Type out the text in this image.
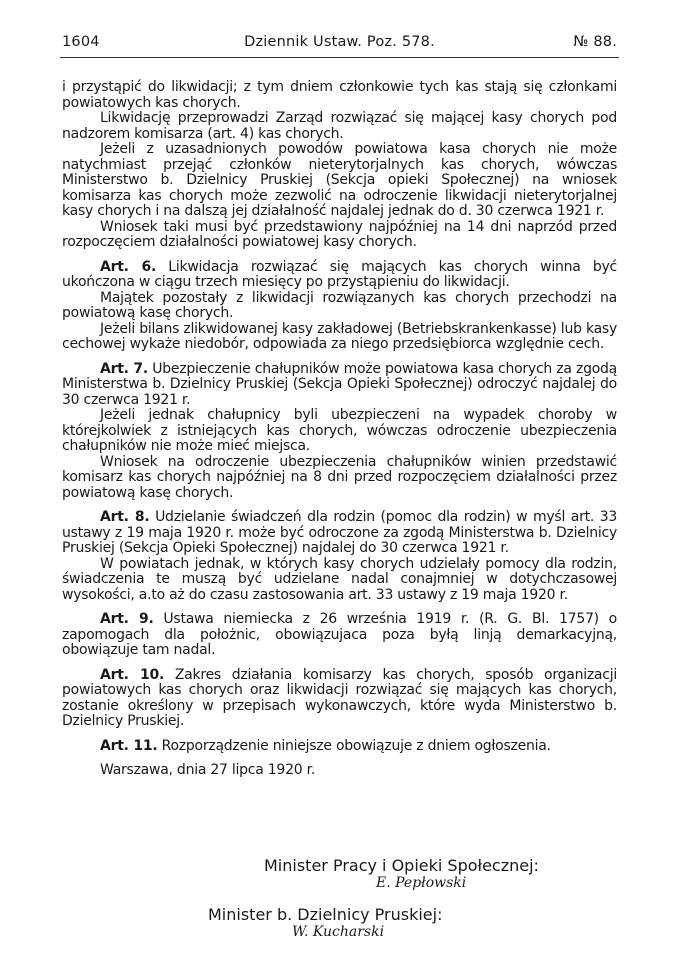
1604	Dziennik Ustaw. Poz. 578.	№ 88.

i przystąpić do likwidacji; z tym dniem członkowie tych kas stają się członkami powiatowych kas chorych.

Likwidację przeprowadzi Zarząd rozwiązać się mającej kasy chorych pod nadzorem komisarza (art. 4) kas chorych.

Jeżeli z uzasadnionych powodów powiatowa kasa chorych nie może natychmiast przejąć członków nieterytorjalnych kas chorych, wówczas Ministerstwo b. Dzielnicy Pruskiej (Sekcja opieki Społecznej) na wniosek komisarza kas chorych może zezwolić na odroczenie likwidacji nieterytorjalnej kasy chorych i na dalszą jej działalność najdalej jednak do d. 30 czerwca 1921 r.

Wniosek taki musi być przedstawiony najpóźniej na 14 dni naprzód przed rozpoczęciem działalności powiatowej kasy chorych.

Art. 6. Likwidacja rozwiązać się mających kas chorych winna być ukończona w ciągu trzech miesięcy po przystąpieniu do likwidacji.

Majątek pozostały z likwidacji rozwiązanych kas chorych przechodzi na powiatową kasę chorych.

Jeżeli bilans zlikwidowanej kasy zakładowej (Betriebskrankenkasse) lub kasy cechowej wykaże niedobór, odpowiada za niego przedsiębiorca względnie cech.

Art. 7. Ubezpieczenie chałupników może powiatowa kasa chorych za zgodą Ministerstwa b. Dzielnicy Pruskiej (Sekcja Opieki Społecznej) odroczyć najdalej do 30 czerwca 1921 r.

Jeżeli jednak chałupnicy byli ubezpieczeni na wypadek choroby w którejkolwiek z istniejących kas chorych, wówczas odroczenie ubezpieczenia chałupników nie może mieć miejsca.

Wniosek na odroczenie ubezpieczenia chałupników winien przedstawić komisarz kas chorych najpóźniej na 8 dni przed rozpoczęciem działalności przez powiatową kasę chorych.

Art. 8. Udzielanie świadczeń dla rodzin (pomoc dla rodzin) w myśl art. 33 ustawy z 19 maja 1920 r. może być odroczone za zgodą Ministerstwa b. Dzielnicy Pruskiej (Sekcja Opieki Społecznej) najdalej do 30 czerwca 1921 r.

W powiatach jednak, w których kasy chorych udzielały pomocy dla rodzin, świadczenia te muszą być udzielane nadal conajmniej w dotychczasowej wysokości, a.to aż do czasu zastosowania art. 33 ustawy z 19 maja 1920 r.

Art. 9. Ustawa niemiecka z 26 września 1919 r. (R. G. Bl. 1757) o zapomogach dla położnic, obowiązujaca poza byłą linją demarkacyjną, obowiązuje tam nadal.

Art. 10. Zakres działania komisarzy kas chorych, sposób organizacji powiatowych kas chorych oraz likwidacji rozwiązać się mających kas chorych, zostanie określony w przepisach wykonawczych, które wyda Ministerstwo b. Dzielnicy Pruskiej.

Art. 11. Rozporządzenie niniejsze obowiązuje z dniem ogłoszenia.

Warszawa, dnia 27 lipca 1920 r.

Minister Pracy i Opieki Społecznej:
E. Pepłowski
Minister b. Dzielnicy Pruskiej:
W. Kucharski
